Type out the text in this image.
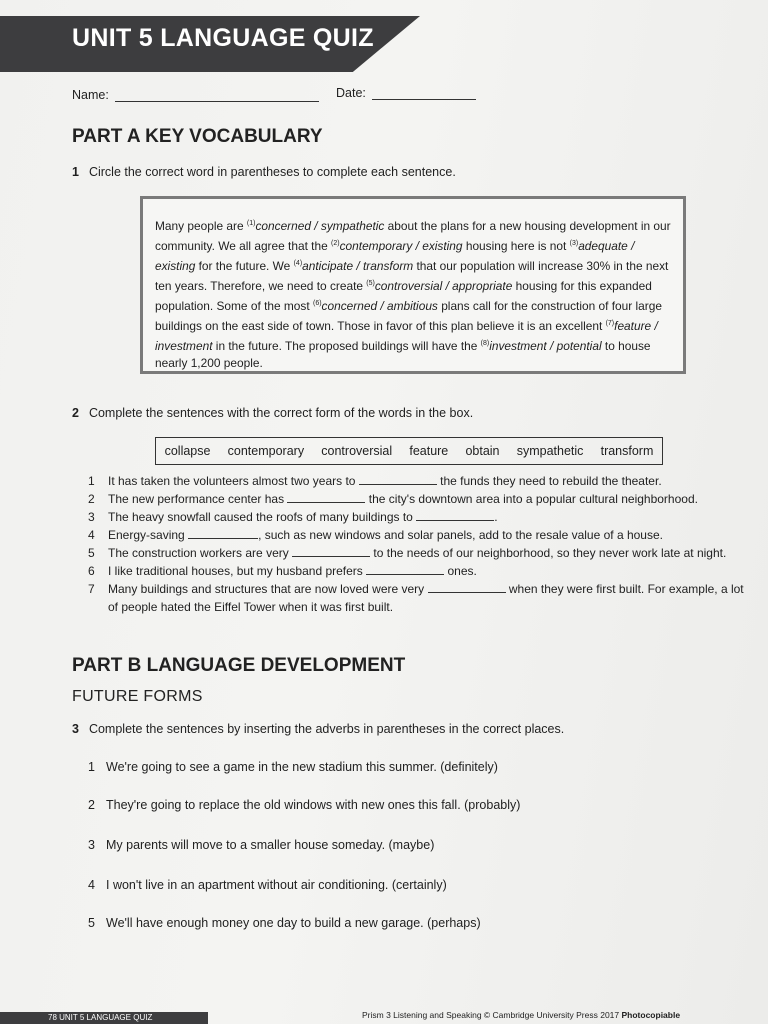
UNIT 5 LANGUAGE QUIZ
Name:	Date:
PART A KEY VOCABULARY
1 Circle the correct word in parentheses to complete each sentence.
Many people are $^{(1)}$concerned / sympathetic about the plans for a new housing development in our community. We all agree that the $^{(2)}$contemporary / existing housing here is not $^{(3)}$adequate / existing for the future. We $^{(4)}$anticipate / transform that our population will increase 30% in the next ten years. Therefore, we need to create $^{(5)}$controversial / appropriate housing for this expanded population. Some of the most $^{(6)}$concerned / ambitious plans call for the construction of four large buildings on the east side of town. Those in favor of this plan believe it is an excellent $^{(7)}$feature / investment in the future. The proposed buildings will have the $^{(8)}$investment / potential to house nearly 1,200 people.
2 Complete the sentences with the correct form of the words in the box.
collapse contemporary controversial feature obtain sympathetic transform
1 It has taken the volunteers almost two years to	the funds they need to rebuild the theater.
2 The new performance center has	the city's downtown area into a popular cultural neighborhood.
3 The heavy snowfall caused the roofs of many buildings to	.
4 Energy-saving	, such as new windows and solar panels, add to the resale value of a house.
5 The construction workers are very	to the needs of our neighborhood, so they never work late at night.
6 I like traditional houses, but my husband prefers	ones.
7 Many buildings and structures that are now loved were very	when they were first built. For example, a lot of people hated the Eiffel Tower when it was first built.
PART B LANGUAGE DEVELOPMENT
FUTURE FORMS
3 Complete the sentences by inserting the adverbs in parentheses in the correct places.
1 We're going to see a game in the new stadium this summer. (definitely)
2 They're going to replace the old windows with new ones this fall. (probably)
3 My parents will move to a smaller house someday. (maybe)
4 I won't live in an apartment without air conditioning. (certainly)
5 We'll have enough money one day to build a new garage. (perhaps)
78 UNIT 5 LANGUAGE QUIZ	Prism 3 Listening and Speaking © Cambridge University Press 2017 Photocopiable
